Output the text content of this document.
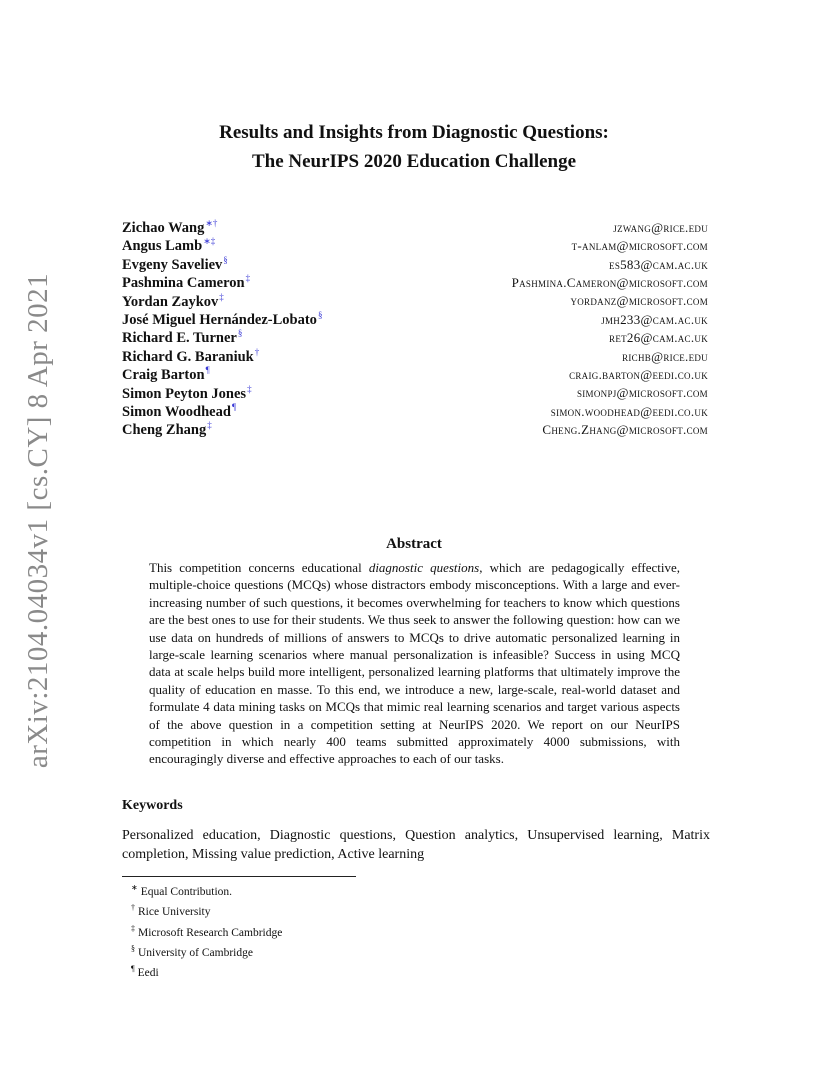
arXiv:2104.04034v1 [cs.CY] 8 Apr 2021
Results and Insights from Diagnostic Questions:
The NeurIPS 2020 Education Challenge
Zichao Wang∗†	jzwang@rice.edu
Angus Lamb∗‡	t-anlam@microsoft.com
Evgeny Saveliev§	es583@cam.ac.uk
Pashmina Cameron‡	Pashmina.Cameron@microsoft.com
Yordan Zaykov‡	yordanz@microsoft.com
José Miguel Hernández-Lobato§	jmh233@cam.ac.uk
Richard E. Turner§	ret26@cam.ac.uk
Richard G. Baraniuk†	richb@rice.edu
Craig Barton¶	craig.barton@eedi.co.uk
Simon Peyton Jones‡	simonpj@microsoft.com
Simon Woodhead¶	simon.woodhead@eedi.co.uk
Cheng Zhang‡	Cheng.Zhang@microsoft.com
Abstract
This competition concerns educational diagnostic questions, which are pedagogically effective, multiple-choice questions (MCQs) whose distractors embody misconceptions. With a large and ever-increasing number of such questions, it becomes overwhelming for teachers to know which questions are the best ones to use for their students. We thus seek to answer the following question: how can we use data on hundreds of millions of answers to MCQs to drive automatic personalized learning in large-scale learning scenarios where manual personalization is infeasible? Success in using MCQ data at scale helps build more intelligent, personalized learning platforms that ultimately improve the quality of education en masse. To this end, we introduce a new, large-scale, real-world dataset and formulate 4 data mining tasks on MCQs that mimic real learning scenarios and target various aspects of the above question in a competition setting at NeurIPS 2020. We report on our NeurIPS competition in which nearly 400 teams submitted approximately 4000 submissions, with encouragingly diverse and effective approaches to each of our tasks.
Keywords
Personalized education, Diagnostic questions, Question analytics, Unsupervised learning, Matrix completion, Missing value prediction, Active learning
∗ Equal Contribution.
† Rice University
‡ Microsoft Research Cambridge
§ University of Cambridge
¶ Eedi
